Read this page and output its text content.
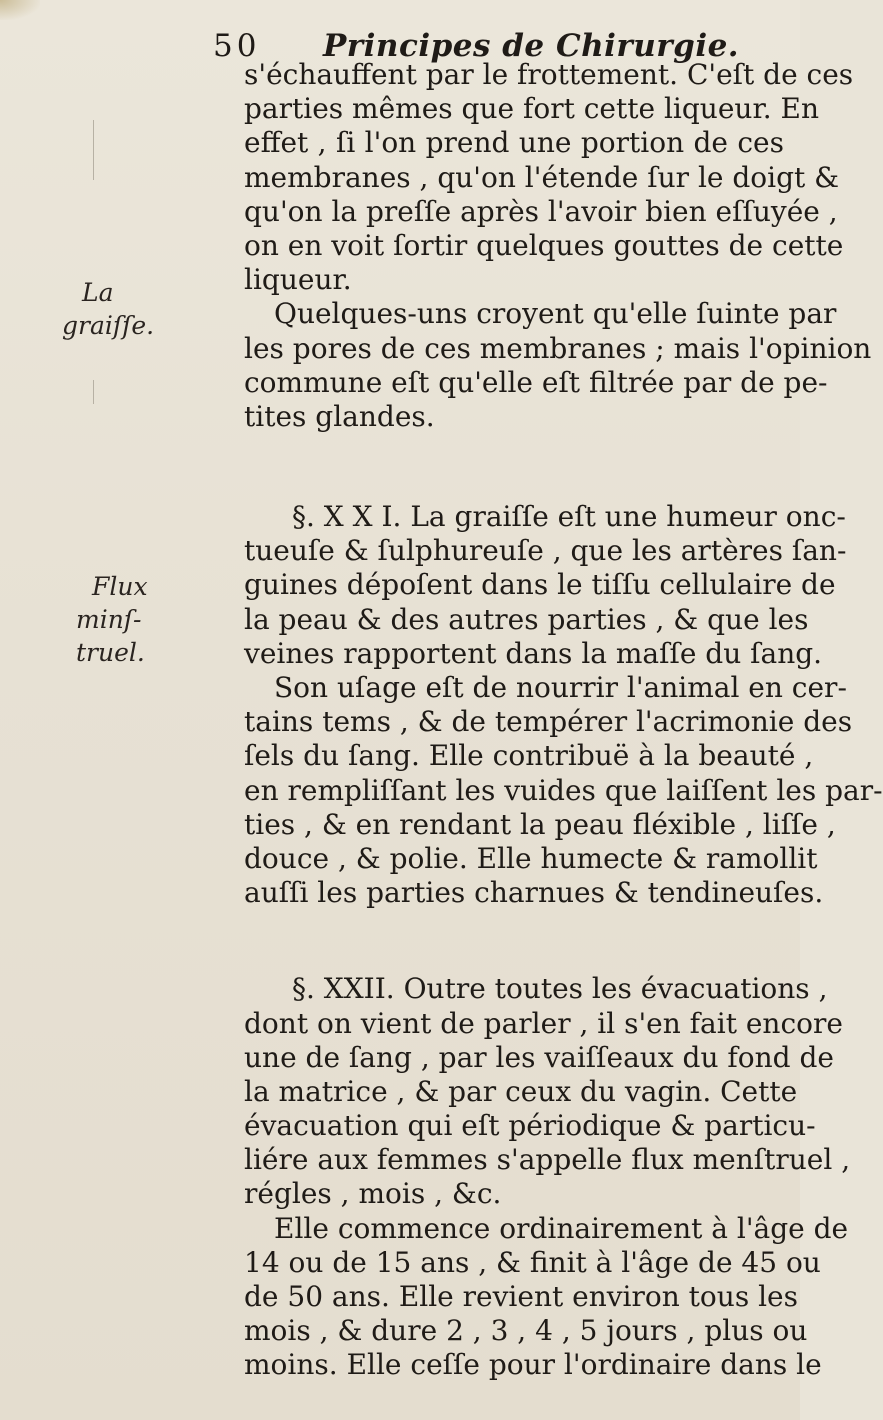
50 Principes de Chirurgie.
La
graiſſe.
Flux
minſ-
truel.
s'échauffent par le frottement. C'eſt de ces
parties mêmes que fort cette liqueur. En
effet , ſi l'on prend une portion de ces
membranes , qu'on l'étende ſur le doigt &
qu'on la preſſe après l'avoir bien eſſuyée ,
on en voit ſortir quelques gouttes de cette
liqueur.
Quelques-uns croyent qu'elle ſuinte par
les pores de ces membranes ; mais l'opinion
commune eſt qu'elle eſt filtrée par de pe-
tites glandes.
§. X X I. La graiſſe eſt une humeur onc-
tueuſe & ſulphureuſe , que les artères ſan-
guines dépoſent dans le tiſſu cellulaire de
la peau & des autres parties , & que les
veines rapportent dans la maſſe du ſang.
Son uſage eſt de nourrir l'animal en cer-
tains tems , & de tempérer l'acrimonie des
ſels du ſang. Elle contribuë à la beauté ,
en rempliſſant les vuides que laiſſent les par-
ties , & en rendant la peau fléxible , liſſe ,
douce , & polie. Elle humecte & ramollit
auſſi les parties charnues & tendineuſes.
§. XXII. Outre toutes les évacuations ,
dont on vient de parler , il s'en fait encore
une de ſang , par les vaiſſeaux du fond de
la matrice , & par ceux du vagin. Cette
évacuation qui eſt périodique & particu-
liére aux femmes s'appelle flux menſtruel ,
régles , mois , &c.
Elle commence ordinairement à l'âge de
14 ou de 15 ans , & finit à l'âge de 45 ou
de 50 ans. Elle revient environ tous les
mois , & dure 2 , 3 , 4 , 5 jours , plus ou
moins. Elle ceſſe pour l'ordinaire dans le
